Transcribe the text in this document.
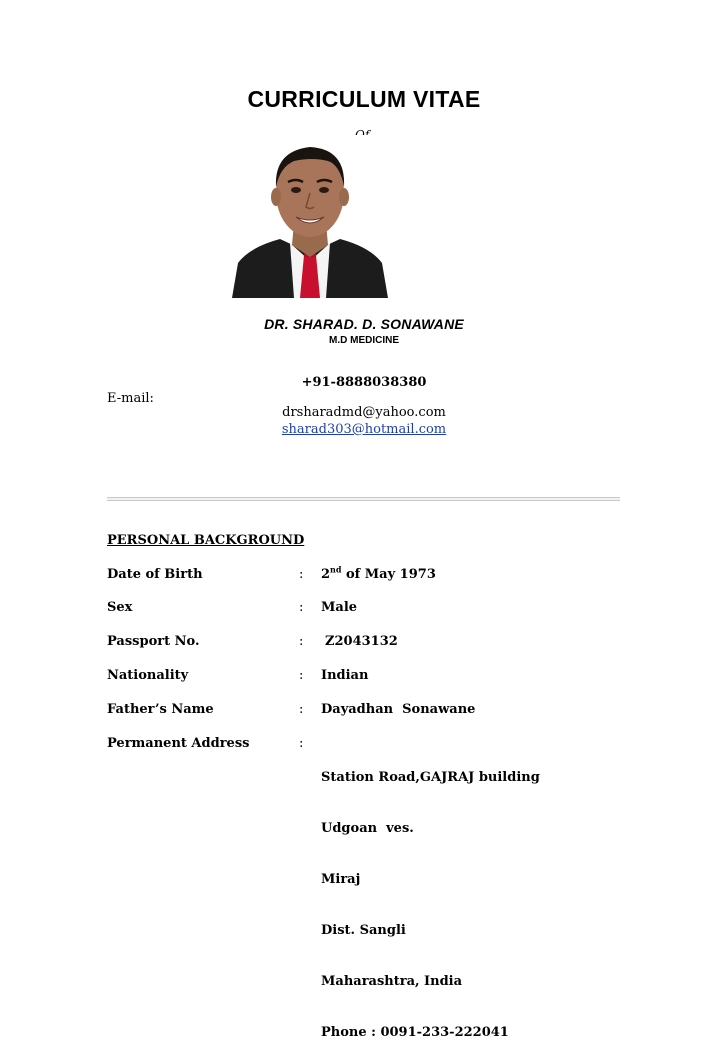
CURRICULUM VITAE
DR. SHARAD. D. SONAWANE
M.D MEDICINE
+91-8888038380
E-mail:
drsharadmd@yahoo.com
sharad303@hotmail.com
PERSONAL BACKGROUND
Date of Birth	: 2nd of May 1973
Sex	: Male
Passport No.	: Z2043132
Nationality	: Indian
Father’s Name	: Dayadhan  Sonawane
Permanent Address	:

Station Road,GAJRAJ building

Udgoan  ves.

Miraj

Dist. Sangli

Maharashtra, India

Phone : 0091-233-222041
